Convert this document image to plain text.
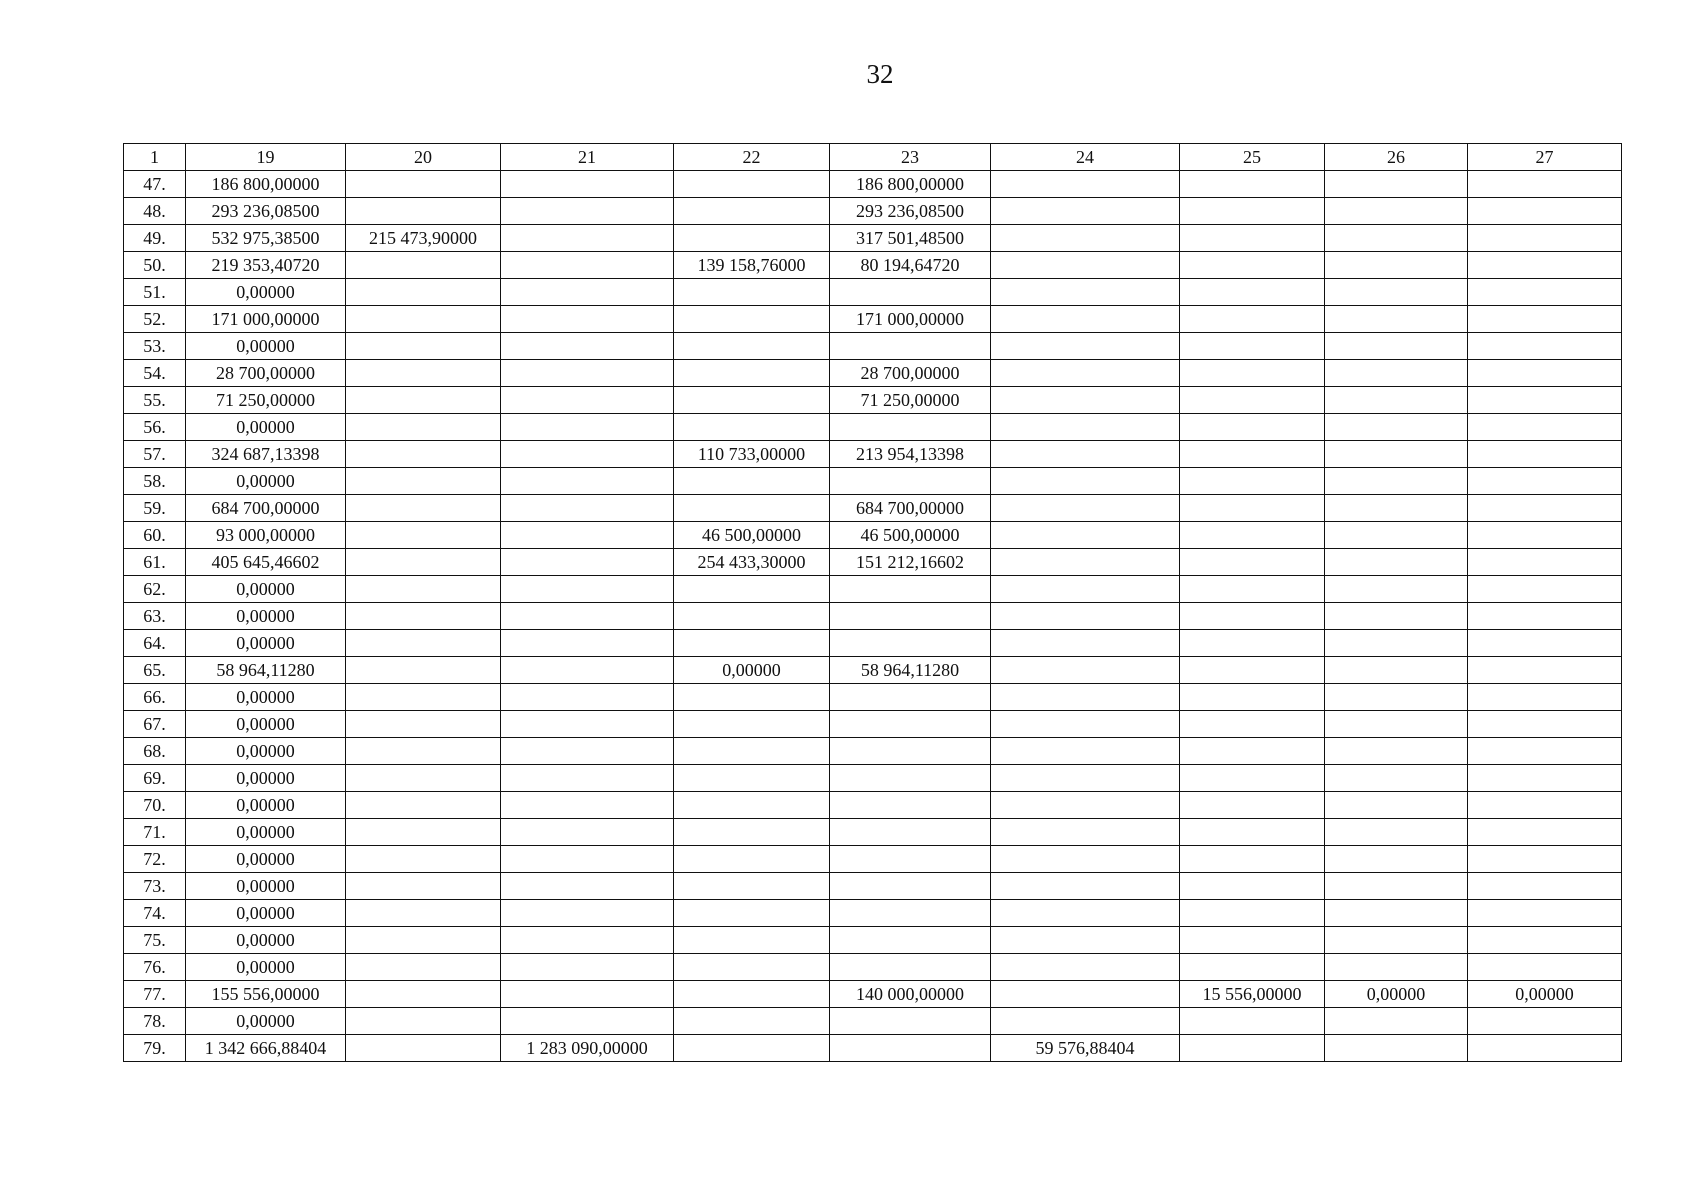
32
1	19	20	21	22	23	24	25	26	27
47.	186 800,00000				186 800,00000				
48.	293 236,08500				293 236,08500				
49.	532 975,38500	215 473,90000			317 501,48500				
50.	219 353,40720			139 158,76000	80 194,64720				
51.	0,00000								
52.	171 000,00000				171 000,00000				
53.	0,00000								
54.	28 700,00000				28 700,00000				
55.	71 250,00000				71 250,00000				
56.	0,00000								
57.	324 687,13398			110 733,00000	213 954,13398				
58.	0,00000								
59.	684 700,00000				684 700,00000				
60.	93 000,00000			46 500,00000	46 500,00000				
61.	405 645,46602			254 433,30000	151 212,16602				
62.	0,00000								
63.	0,00000								
64.	0,00000								
65.	58 964,11280			0,00000	58 964,11280				
66.	0,00000								
67.	0,00000								
68.	0,00000								
69.	0,00000								
70.	0,00000								
71.	0,00000								
72.	0,00000								
73.	0,00000								
74.	0,00000								
75.	0,00000								
76.	0,00000								
77.	155 556,00000				140 000,00000		15 556,00000	0,00000	0,00000
78.	0,00000								
79.	1 342 666,88404		1 283 090,00000			59 576,88404			
